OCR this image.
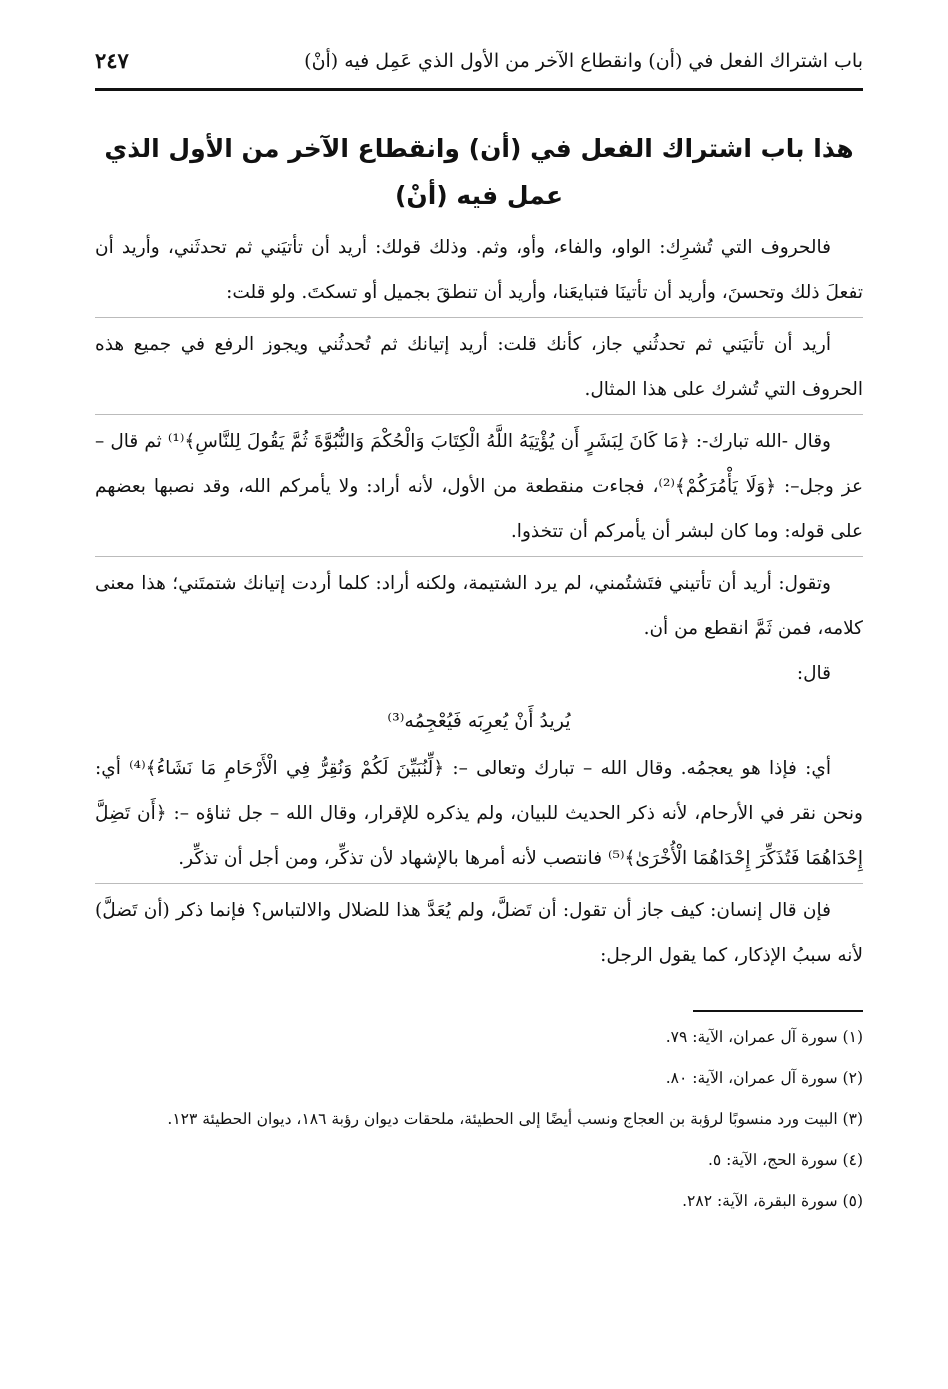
باب اشتراك الفعل في (أن) وانقطاع الآخر من الأول الذي عَمِل فيه (أنْ)
٢٤٧
هذا باب اشتراك الفعل في (أن) وانقطاع الآخر من الأول الذي
عمل فيه (أنْ)

فالحروف التي تُشرِك: الواو، والفاء، وأو، وثم. وذلك قولك: أريد أن تأتيَني ثم تحدثَني، وأريد أن تفعلَ ذلك وتحسنَ، وأريد أن تأتينَا فتبايعَنا، وأريد أن تنطقَ بجميل أو تسكتَ. ولو قلت:

أريد أن تأتيَني ثم تحدثُني جاز، كأنك قلت: أريد إتيانك ثم تُحدثُني ويجوز الرفع في جميع هذه الحروف التي تُشرك على هذا المثال.

وقال -الله تبارك-: ﴿مَا كَانَ لِبَشَرٍ أَن يُؤْتِيَهُ اللَّهُ الْكِتَابَ وَالْحُكْمَ وَالنُّبُوَّةَ ثُمَّ يَقُولَ لِلنَّاسِ﴾⁽¹⁾ ثم قال – عز وجل–: ﴿وَلَا يَأْمُرَكُمْ﴾⁽²⁾، فجاءت منقطعة من الأول، لأنه أراد: ولا يأمركم الله، وقد نصبها بعضهم على قوله: وما كان لبشر أن يأمركم أن تتخذوا.

وتقول: أريد أن تأتيني فتَشتُمني، لم يرد الشتيمة، ولكنه أراد: كلما أردت إتيانك شتمتَني؛ هذا معنى كلامه، فمن ثَمَّ انقطع من أن.

قال:

يُريدُ أَنْ يُعرِبَه فَيُعْجِمُه⁽³⁾

أي: فإذا هو يعجمُه. وقال الله – تبارك وتعالى –: ﴿لِّنُبَيِّنَ لَكُمْ وَنُقِرُّ فِي الْأَرْحَامِ مَا نَشَاءُ﴾⁽⁴⁾ أي: ونحن نقر في الأرحام، لأنه ذكر الحديث للبيان، ولم يذكره للإقرار، وقال الله – جل ثناؤه –: ﴿أَن تَضِلَّ إِحْدَاهُمَا فَتُذَكِّرَ إِحْدَاهُمَا الْأُخْرَىٰ﴾⁽⁵⁾ فانتصب لأنه أمرها بالإشهاد لأن تذكِّر، ومن أجل أن تذكِّر.

فإن قال إنسان: كيف جاز أن تقول: أن تَضلَّ، ولم يُعَدَّ هذا للضلال والالتباس؟ فإنما ذكر (أن تَضلَّ) لأنه سببُ الإذكار، كما يقول الرجل:

(١) سورة آل عمران، الآية: ٧٩.

(٢) سورة آل عمران، الآية: ٨٠.

(٣) البيت ورد منسوبًا لرؤبة بن العجاج ونسب أيضًا إلى الحطيئة، ملحقات ديوان رؤبة ١٨٦، ديوان الحطيئة ١٢٣.

(٤) سورة الحج، الآية: ٥.

(٥) سورة البقرة، الآية: ٢٨٢.
